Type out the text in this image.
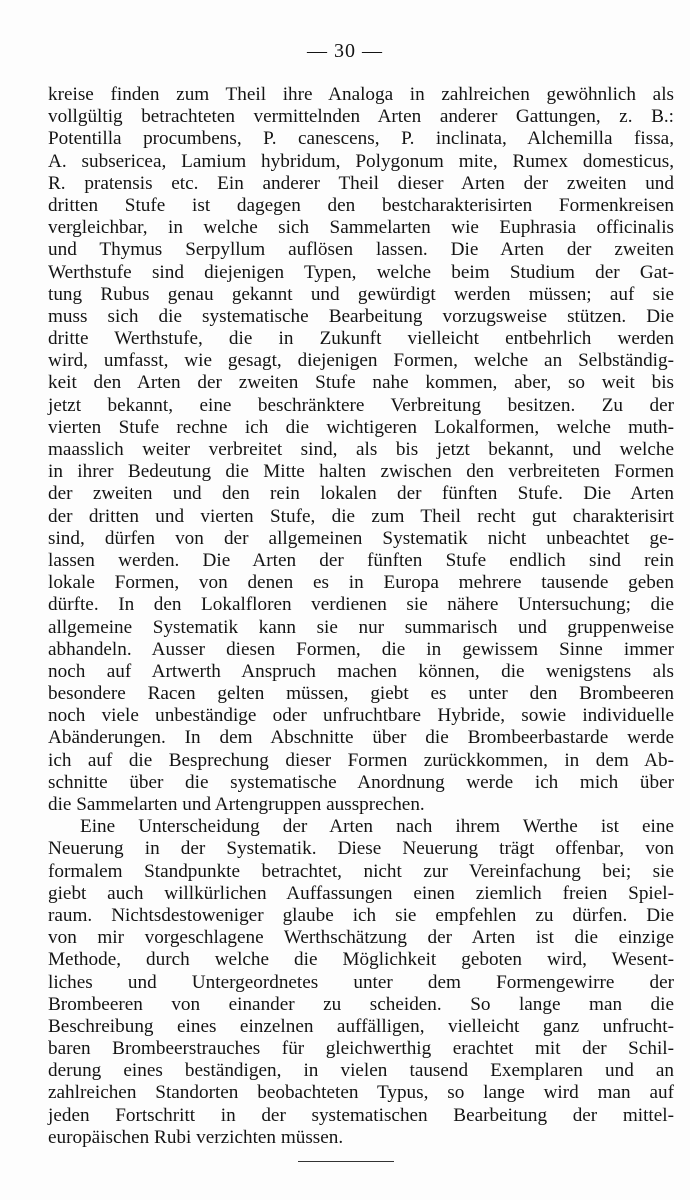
— 30 —
kreise finden zum Theil ihre Analoga in zahlreichen gewöhnlich als
vollgültig betrachteten vermittelnden Arten anderer Gattungen, z. B.:
Potentilla procumbens, P. canescens, P. inclinata, Alchemilla fissa,
A. subsericea, Lamium hybridum, Polygonum mite, Rumex domesticus,
R. pratensis etc. Ein anderer Theil dieser Arten der zweiten und
dritten Stufe ist dagegen den bestcharakterisirten Formenkreisen
vergleichbar, in welche sich Sammelarten wie Euphrasia officinalis
und Thymus Serpyllum auflösen lassen. Die Arten der zweiten
Werthstufe sind diejenigen Typen, welche beim Studium der Gat-
tung Rubus genau gekannt und gewürdigt werden müssen; auf sie
muss sich die systematische Bearbeitung vorzugsweise stützen. Die
dritte Werthstufe, die in Zukunft vielleicht entbehrlich werden
wird, umfasst, wie gesagt, diejenigen Formen, welche an Selbständig-
keit den Arten der zweiten Stufe nahe kommen, aber, so weit bis
jetzt bekannt, eine beschränktere Verbreitung besitzen. Zu der
vierten Stufe rechne ich die wichtigeren Lokalformen, welche muth-
maasslich weiter verbreitet sind, als bis jetzt bekannt, und welche
in ihrer Bedeutung die Mitte halten zwischen den verbreiteten Formen
der zweiten und den rein lokalen der fünften Stufe. Die Arten
der dritten und vierten Stufe, die zum Theil recht gut charakterisirt
sind, dürfen von der allgemeinen Systematik nicht unbeachtet ge-
lassen werden. Die Arten der fünften Stufe endlich sind rein
lokale Formen, von denen es in Europa mehrere tausende geben
dürfte. In den Lokalfloren verdienen sie nähere Untersuchung; die
allgemeine Systematik kann sie nur summarisch und gruppenweise
abhandeln. Ausser diesen Formen, die in gewissem Sinne immer
noch auf Artwerth Anspruch machen können, die wenigstens als
besondere Racen gelten müssen, giebt es unter den Brombeeren
noch viele unbeständige oder unfruchtbare Hybride, sowie individuelle
Abänderungen. In dem Abschnitte über die Brombeerbastarde werde
ich auf die Besprechung dieser Formen zurückkommen, in dem Ab-
schnitte über die systematische Anordnung werde ich mich über
die Sammelarten und Artengruppen aussprechen.
Eine Unterscheidung der Arten nach ihrem Werthe ist eine
Neuerung in der Systematik. Diese Neuerung trägt offenbar, von
formalem Standpunkte betrachtet, nicht zur Vereinfachung bei; sie
giebt auch willkürlichen Auffassungen einen ziemlich freien Spiel-
raum. Nichtsdestoweniger glaube ich sie empfehlen zu dürfen. Die
von mir vorgeschlagene Werthschätzung der Arten ist die einzige
Methode, durch welche die Möglichkeit geboten wird, Wesent-
liches und Untergeordnetes unter dem Formengewirre der
Brombeeren von einander zu scheiden. So lange man die
Beschreibung eines einzelnen auffälligen, vielleicht ganz unfrucht-
baren Brombeerstrauches für gleichwerthig erachtet mit der Schil-
derung eines beständigen, in vielen tausend Exemplaren und an
zahlreichen Standorten beobachteten Typus, so lange wird man auf
jeden Fortschritt in der systematischen Bearbeitung der mittel-
europäischen Rubi verzichten müssen.
